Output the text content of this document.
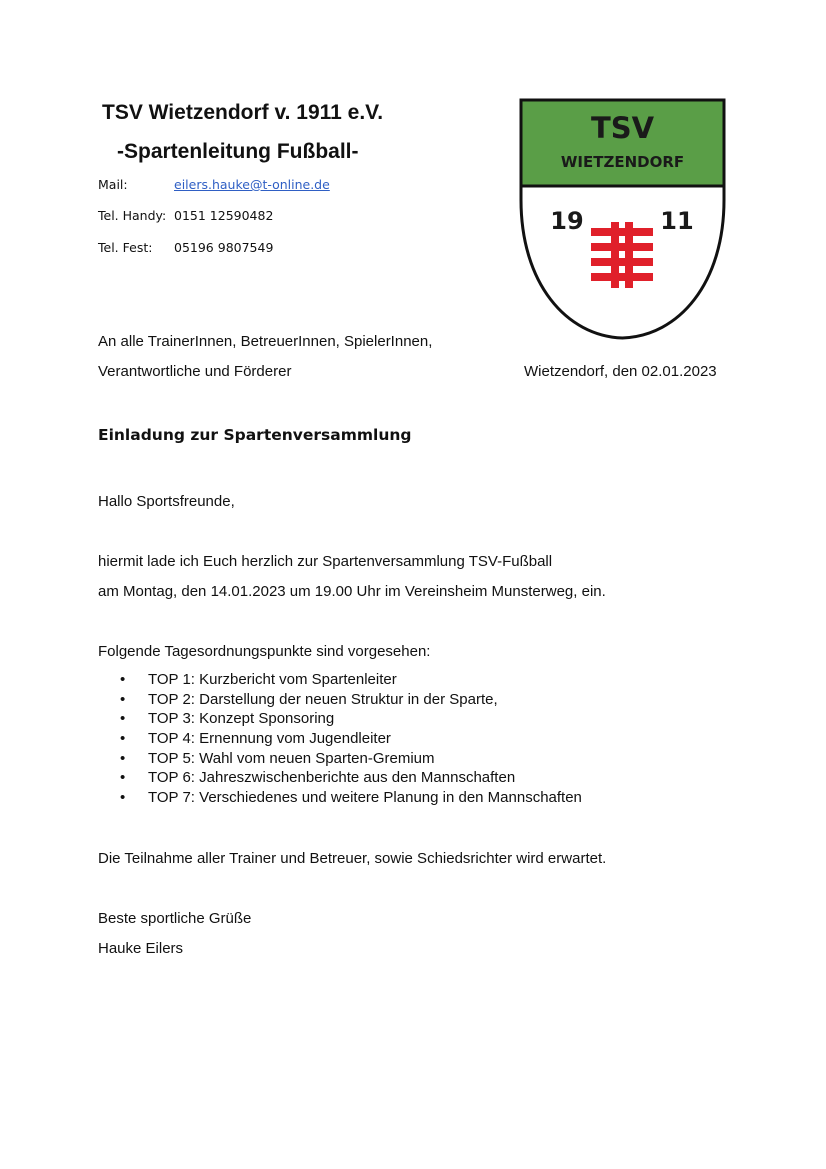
TSV Wietzendorf v. 1911 e.V.
-Spartenleitung Fußball-
Mail:	eilers.hauke@t-online.de
Tel. Handy: 0151 12590482
Tel. Fest: 05196 9807549
TSV
WIETZENDORF
19	11
An alle TrainerInnen, BetreuerInnen, SpielerInnen,
Verantwortliche und Förderer	Wietzendorf, den 02.01.2023
Einladung zur Spartenversammlung
Hallo Sportsfreunde,
hiermit lade ich Euch herzlich zur Spartenversammlung TSV-Fußball
am Montag, den 14.01.2023 um 19.00 Uhr im Vereinsheim Munsterweg, ein.
Folgende Tagesordnungspunkte sind vorgesehen:
• TOP 1: Kurzbericht vom Spartenleiter
• TOP 2: Darstellung der neuen Struktur in der Sparte,
• TOP 3: Konzept Sponsoring
• TOP 4: Ernennung vom Jugendleiter
• TOP 5: Wahl vom neuen Sparten-Gremium
• TOP 6: Jahreszwischenberichte aus den Mannschaften
• TOP 7: Verschiedenes und weitere Planung in den Mannschaften
Die Teilnahme aller Trainer und Betreuer, sowie Schiedsrichter wird erwartet.
Beste sportliche Grüße
Hauke Eilers
